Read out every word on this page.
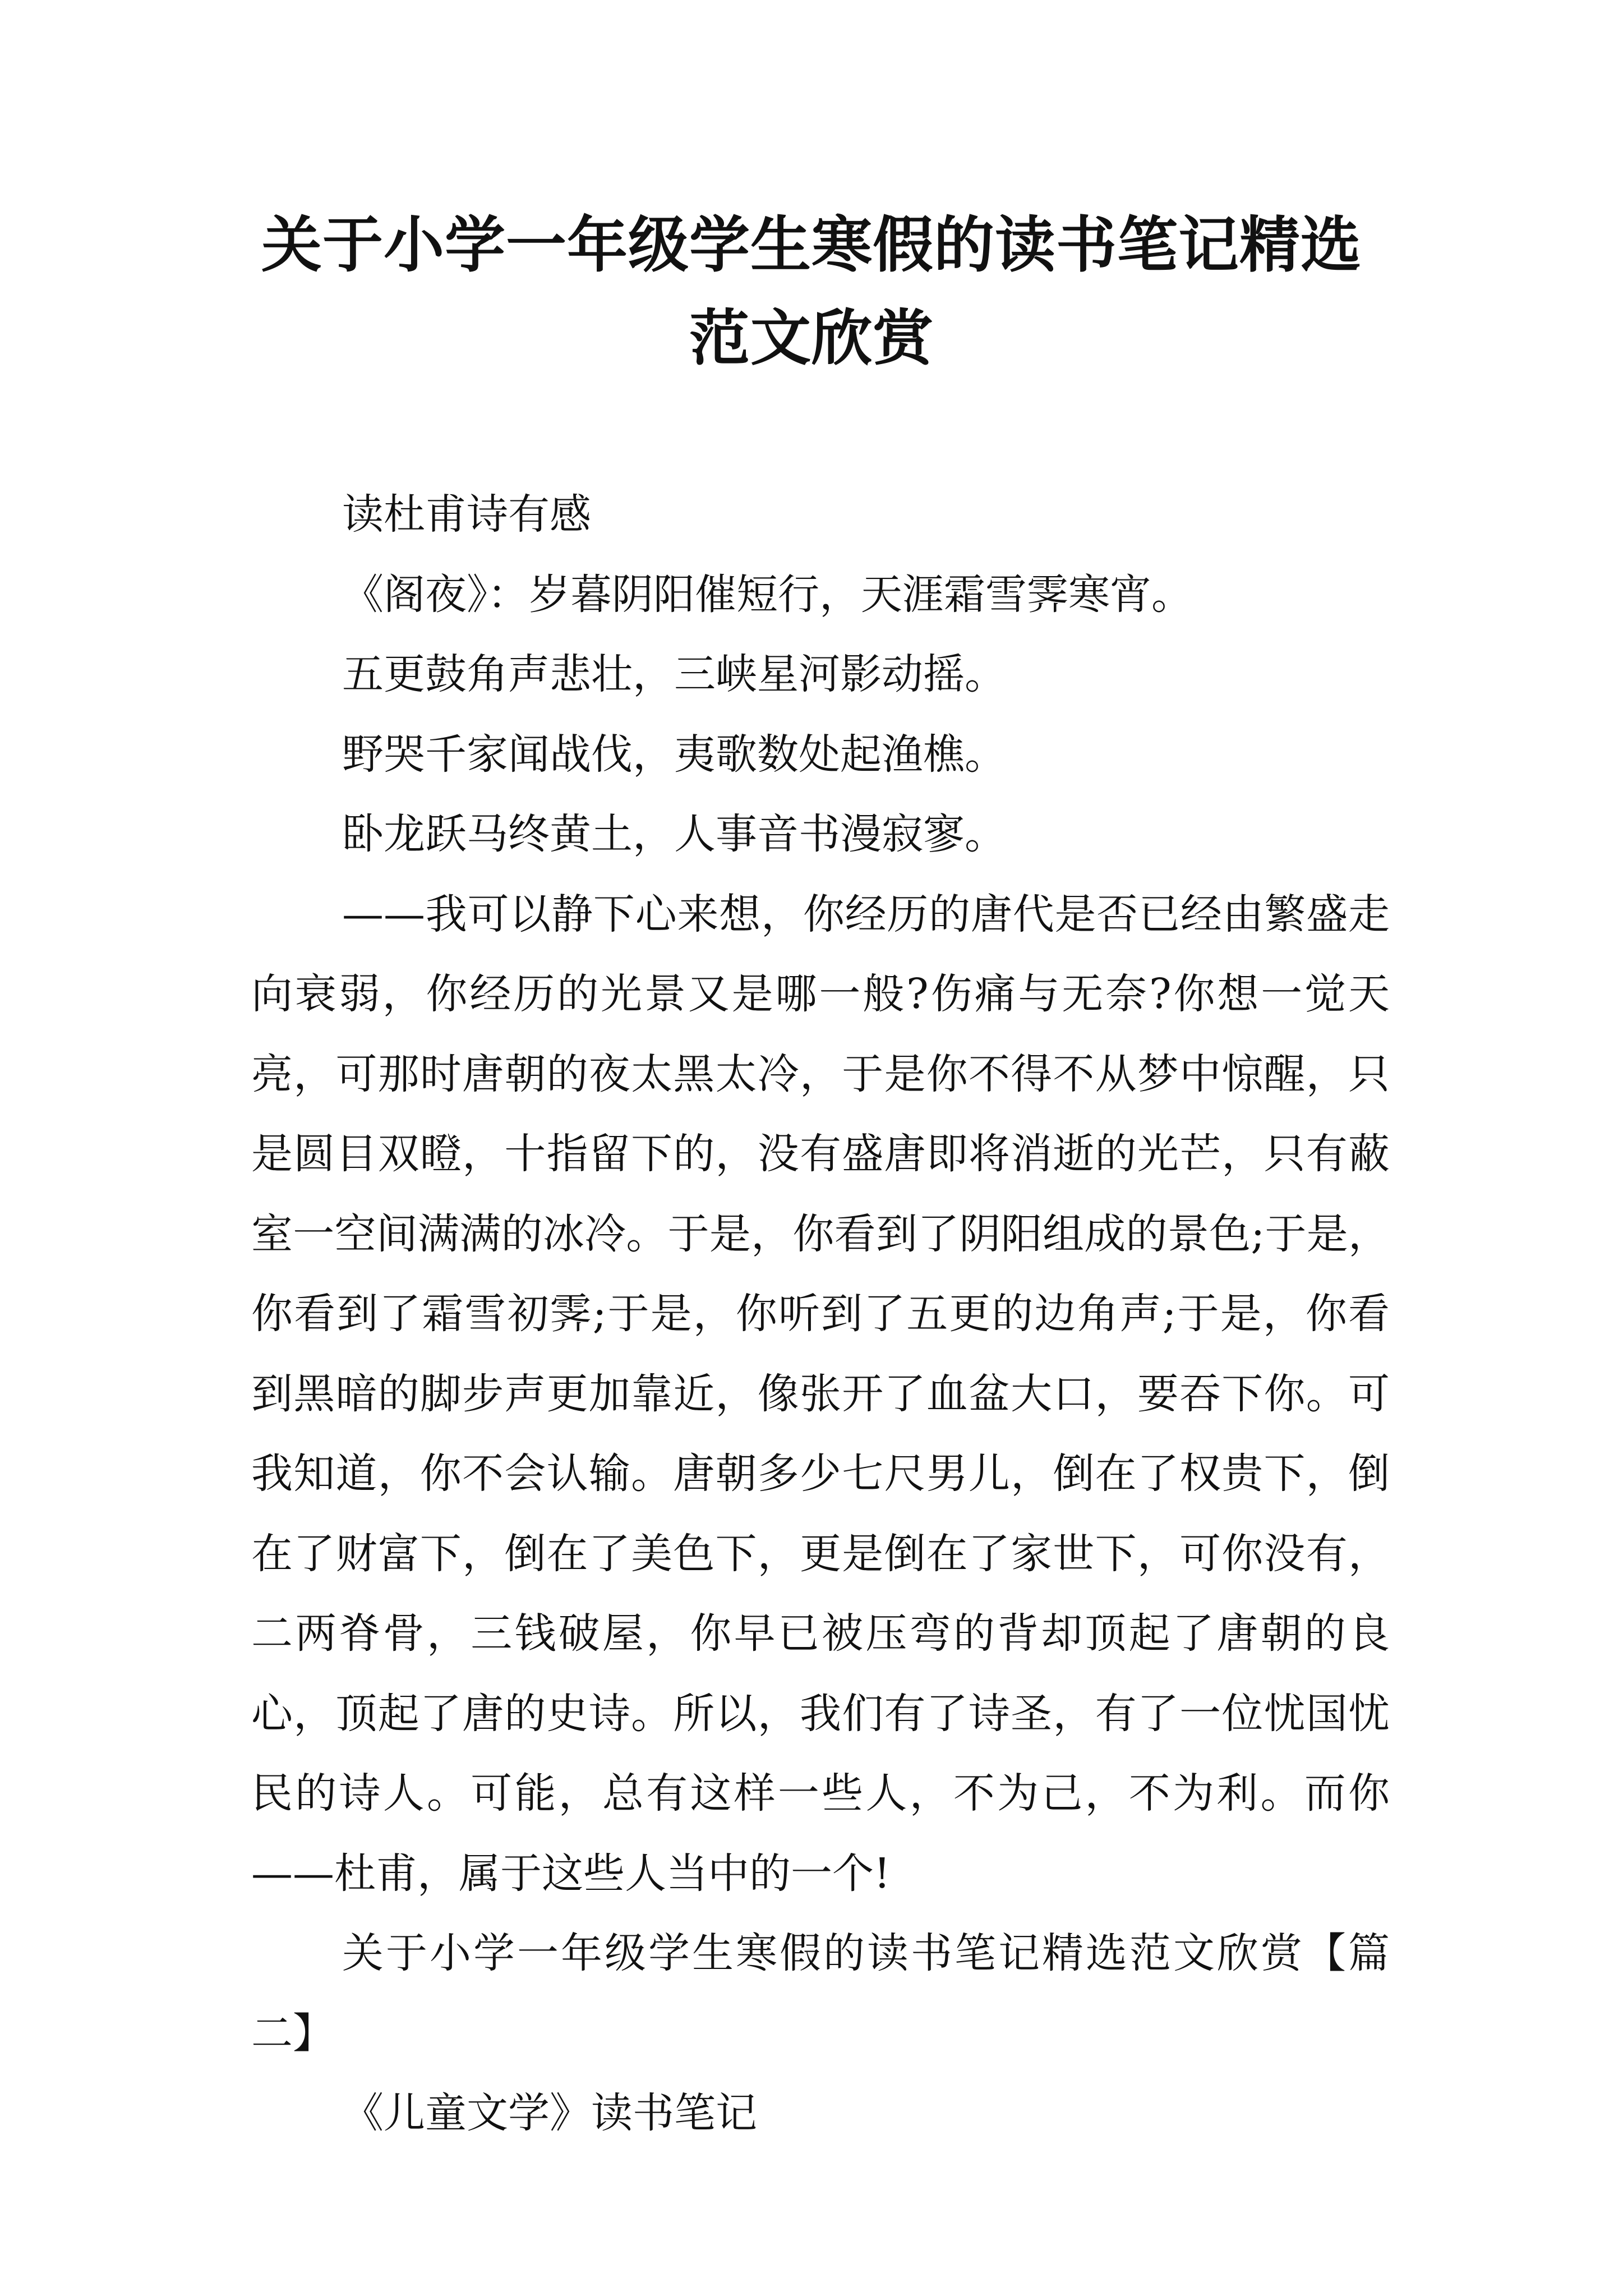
关于小学一年级学生寒假的读书笔记精选
范文欣赏

读杜甫诗有感

《阁夜》：岁暮阴阳催短行，天涯霜雪霁寒宵。

五更鼓角声悲壮，三峡星河影动摇。

野哭千家闻战伐，夷歌数处起渔樵。

卧龙跃马终黄土，人事音书漫寂寥。

——我可以静下心来想，你经历的唐代是否已经由繁盛走向衰弱，你经历的光景又是哪一般?伤痛与无奈?你想一觉天亮，可那时唐朝的夜太黑太冷，于是你不得不从梦中惊醒，只是圆目双瞪，十指留下的，没有盛唐即将消逝的光芒，只有蔽室一空间满满的冰冷。于是，你看到了阴阳组成的景色;于是，你看到了霜雪初霁;于是，你听到了五更的边角声;于是，你看到黑暗的脚步声更加靠近，像张开了血盆大口，要吞下你。可我知道，你不会认输。唐朝多少七尺男儿，倒在了权贵下，倒在了财富下，倒在了美色下，更是倒在了家世下，可你没有，二两脊骨，三钱破屋，你早已被压弯的背却顶起了唐朝的良心，顶起了唐的史诗。所以，我们有了诗圣，有了一位忧国忧民的诗人。可能，总有这样一些人，不为己，不为利。而你——杜甫，属于这些人当中的一个!

关于小学一年级学生寒假的读书笔记精选范文欣赏【篇二】

《儿童文学》读书笔记
